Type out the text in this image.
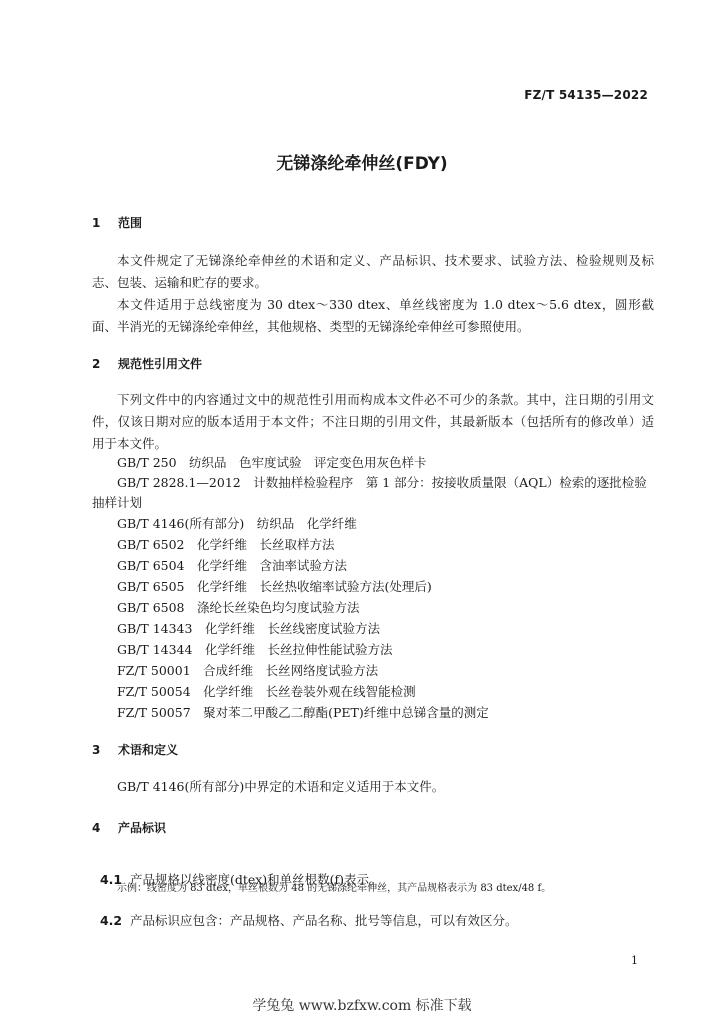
FZ/T 54135—2022
无锑涤纶牵伸丝(FDY)
1 范围
本文件规定了无锑涤纶牵伸丝的术语和定义、产品标识、技术要求、试验方法、检验规则及标志、包装、运输和贮存的要求。
本文件适用于总线密度为 30 dtex～330 dtex、单丝线密度为 1.0 dtex～5.6 dtex，圆形截面、半消光的无锑涤纶牵伸丝，其他规格、类型的无锑涤纶牵伸丝可参照使用。
2 规范性引用文件
下列文件中的内容通过文中的规范性引用而构成本文件必不可少的条款。其中，注日期的引用文件，仅该日期对应的版本适用于本文件；不注日期的引用文件，其最新版本（包括所有的修改单）适用于本文件。
GB/T 250　纺织品　色牢度试验　评定变色用灰色样卡
GB/T 2828.1—2012　计数抽样检验程序　第 1 部分：按接收质量限（AQL）检索的逐批检验抽样计划
GB/T 4146(所有部分)　纺织品　化学纤维
GB/T 6502　化学纤维　长丝取样方法
GB/T 6504　化学纤维　含油率试验方法
GB/T 6505　化学纤维　长丝热收缩率试验方法(处理后)
GB/T 6508　涤纶长丝染色均匀度试验方法
GB/T 14343　化学纤维　长丝线密度试验方法
GB/T 14344　化学纤维　长丝拉伸性能试验方法
FZ/T 50001　合成纤维　长丝网络度试验方法
FZ/T 50054　化学纤维　长丝卷装外观在线智能检测
FZ/T 50057　聚对苯二甲酸乙二醇酯(PET)纤维中总锑含量的测定
3 术语和定义
GB/T 4146(所有部分)中界定的术语和定义适用于本文件。
4 产品标识

4.1 产品规格以线密度(dtex)和单丝根数(f)表示。

示例：线密度为 83 dtex，单丝根数为 48 的无锑涤纶牵伸丝，其产品规格表示为 83 dtex/48 f。

4.2 产品标识应包含：产品规格、产品名称、批号等信息，可以有效区分。

1
学兔兔 www.bzfxw.com 标准下载
